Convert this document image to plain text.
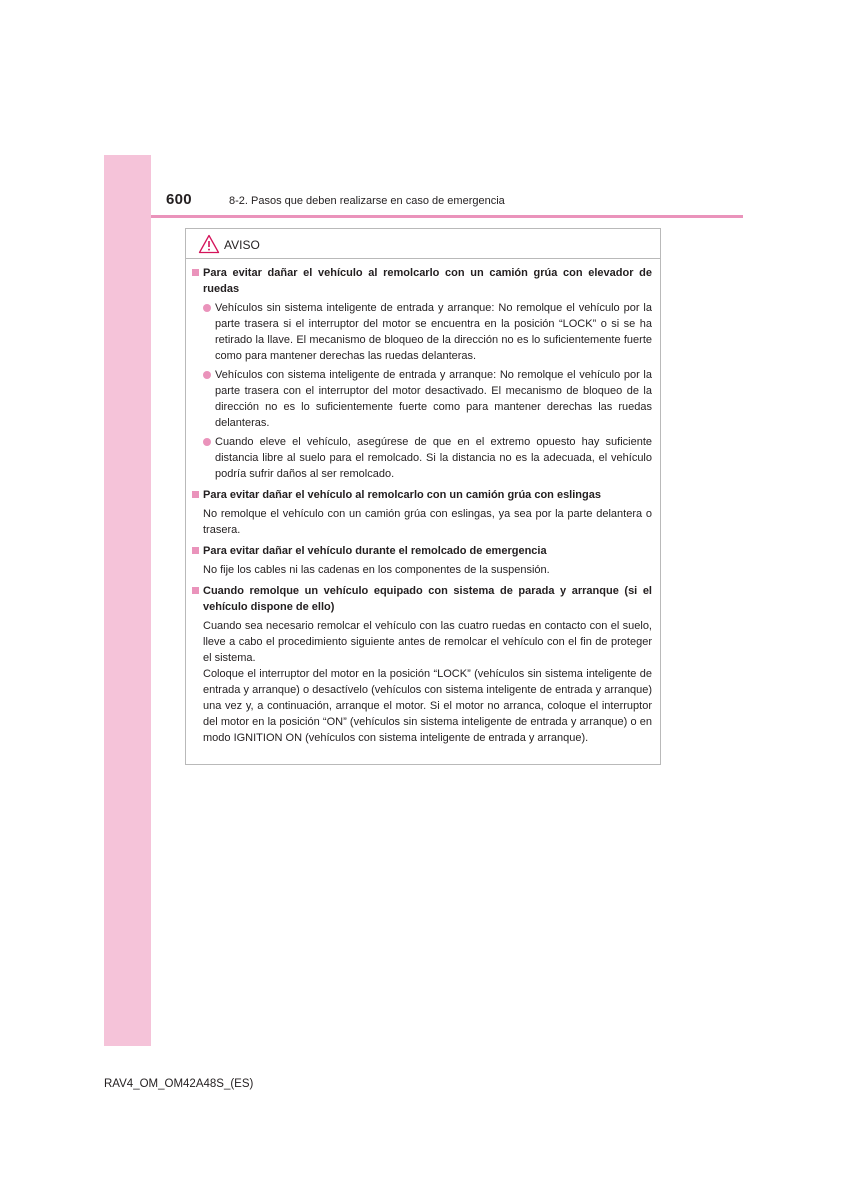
600	8-2. Pasos que deben realizarse en caso de emergencia
AVISO
Para evitar dañar el vehículo al remolcarlo con un camión grúa con elevador de ruedas
Vehículos sin sistema inteligente de entrada y arranque: No remolque el vehículo por la parte trasera si el interruptor del motor se encuentra en la posición “LOCK” o si se ha retirado la llave. El mecanismo de bloqueo de la dirección no es lo suficientemente fuerte como para mantener derechas las ruedas delanteras.
Vehículos con sistema inteligente de entrada y arranque: No remolque el vehículo por la parte trasera con el interruptor del motor desactivado. El mecanismo de bloqueo de la dirección no es lo suficientemente fuerte como para mantener derechas las ruedas delanteras.
Cuando eleve el vehículo, asegúrese de que en el extremo opuesto hay suficiente distancia libre al suelo para el remolcado. Si la distancia no es la adecuada, el vehículo podría sufrir daños al ser remolcado.
Para evitar dañar el vehículo al remolcarlo con un camión grúa con eslingas
No remolque el vehículo con un camión grúa con eslingas, ya sea por la parte delantera o trasera.
Para evitar dañar el vehículo durante el remolcado de emergencia
No fije los cables ni las cadenas en los componentes de la suspensión.
Cuando remolque un vehículo equipado con sistema de parada y arranque (si el vehículo dispone de ello)
Cuando sea necesario remolcar el vehículo con las cuatro ruedas en contacto con el suelo, lleve a cabo el procedimiento siguiente antes de remolcar el vehículo con el fin de proteger el sistema.
Coloque el interruptor del motor en la posición “LOCK” (vehículos sin sistema inteligente de entrada y arranque) o desactívelo (vehículos con sistema inteligente de entrada y arranque) una vez y, a continuación, arranque el motor. Si el motor no arranca, coloque el interruptor del motor en la posición “ON” (vehículos sin sistema inteligente de entrada y arranque) o en modo IGNITION ON (vehículos con sistema inteligente de entrada y arranque).
RAV4_OM_OM42A48S_(ES)
